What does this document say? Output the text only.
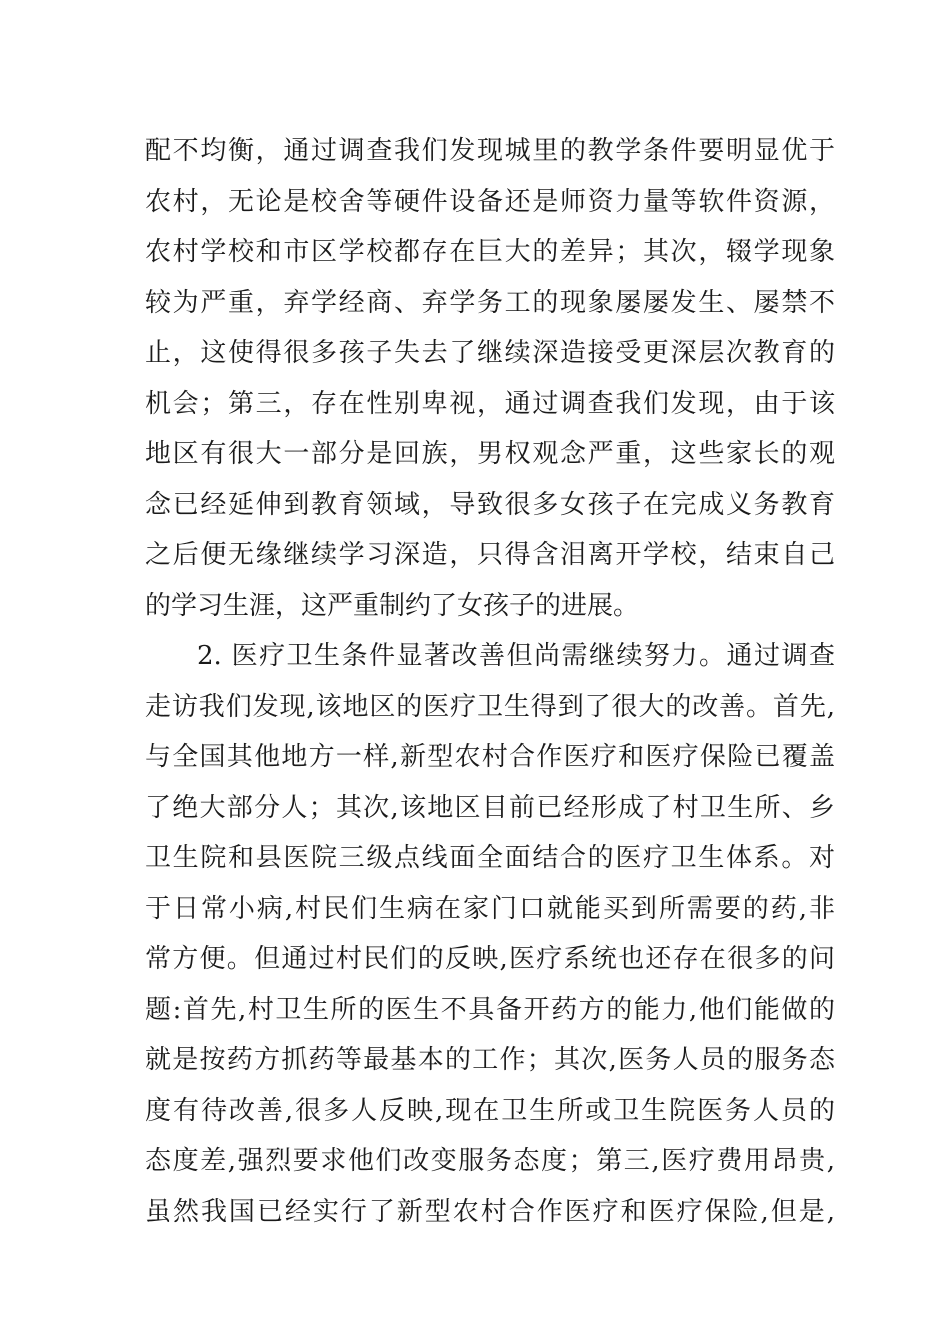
配不均衡，通过调查我们发现城里的教学条件要明显优于
农村，无论是校舍等硬件设备还是师资力量等软件资源，
农村学校和市区学校都存在巨大的差异；其次，辍学现象
较为严重，弃学经商、弃学务工的现象屡屡发生、屡禁不
止，这使得很多孩子失去了继续深造接受更深层次教育的
机会；第三，存在性别卑视，通过调查我们发现，由于该
地区有很大一部分是回族，男权观念严重，这些家长的观
念已经延伸到教育领域，导致很多女孩子在完成义务教育
之后便无缘继续学习深造，只得含泪离开学校，结束自己
的学习生涯，这严重制约了女孩子的进展。
2. 医疗卫生条件显著改善但尚需继续努力。通过调查
走访我们发现,该地区的医疗卫生得到了很大的改善。首先,
与全国其他地方一样,新型农村合作医疗和医疗保险已覆盖
了绝大部分人；其次,该地区目前已经形成了村卫生所、乡
卫生院和县医院三级点线面全面结合的医疗卫生体系。对
于日常小病,村民们生病在家门口就能买到所需要的药,非
常方便。但通过村民们的反映,医疗系统也还存在很多的问
题:首先,村卫生所的医生不具备开药方的能力,他们能做的
就是按药方抓药等最基本的工作；其次,医务人员的服务态
度有待改善,很多人反映,现在卫生所或卫生院医务人员的
态度差,强烈要求他们改变服务态度；第三,医疗费用昂贵,
虽然我国已经实行了新型农村合作医疗和医疗保险,但是,
